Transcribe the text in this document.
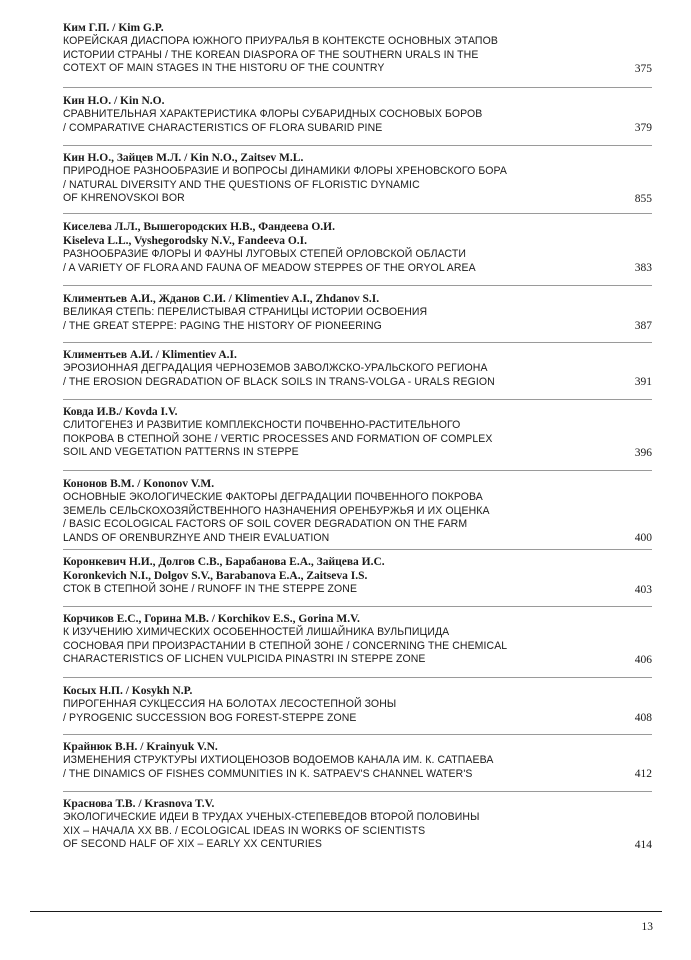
Ким Г.П. / Kim G.P.
КОРЕЙСКАЯ ДИАСПОРА ЮЖНОГО ПРИУРАЛЬЯ В КОНТЕКСТЕ ОСНОВНЫХ ЭТАПОВ
ИСТОРИИ СТРАНЫ / THE KOREAN DIASPORA OF THE SOUTHERN URALS IN THE
COTEXT OF MAIN STAGES IN THE HISTORU OF THE COUNTRY	375
Кин Н.О. / Kin N.O.
СРАВНИТЕЛЬНАЯ ХАРАКТЕРИСТИКА ФЛОРЫ СУБАРИДНЫХ СОСНОВЫХ БОРОВ
/ COMPARATIVE CHARACTERISTICS OF FLORA SUBARID PINE	379
Кин Н.О., Зайцев М.Л. / Kin N.O., Zaitsev M.L.
ПРИРОДНОЕ РАЗНООБРАЗИЕ И ВОПРОСЫ ДИНАМИКИ ФЛОРЫ ХРЕНОВСКОГО БОРА
/ NATURAL DIVERSITY AND THE QUESTIONS OF FLORISTIC DYNAMIC
OF KHRENOVSKOI BOR	855
Киселева Л.Л., Вышегородских Н.В., Фандеева О.И.
Kiseleva L.L., Vyshegorodsky N.V., Fandeeva O.I.
РАЗНООБРАЗИЕ ФЛОРЫ И ФАУНЫ ЛУГОВЫХ СТЕПЕЙ ОРЛОВСКОЙ ОБЛАСТИ
/ A VARIETY OF FLORA AND FAUNA OF MEADOW STEPPES OF THE ORYOL AREA	383
Климентьев А.И., Жданов С.И. / Klimentiev A.I., Zhdanov S.I.
ВЕЛИКАЯ СТЕПЬ: ПЕРЕЛИСТЫВАЯ СТРАНИЦЫ ИСТОРИИ ОСВОЕНИЯ
/ THE GREAT STEPPE: PAGING THE HISTORY OF PIONEERING	387
Климентьев А.И. / Klimentiev A.I.
ЭРОЗИОННАЯ ДЕГРАДАЦИЯ ЧЕРНОЗЕМОВ ЗАВОЛЖСКО-УРАЛЬСКОГО РЕГИОНА
/ THE EROSION DEGRADATION OF BLACK SOILS IN TRANS-VOLGA - URALS REGION	391
Ковда И.В./ Kovda I.V.
СЛИТОГЕНЕЗ И РАЗВИТИЕ КОМПЛЕКСНОСТИ ПОЧВЕННО-РАСТИТЕЛЬНОГО
ПОКРОВА В СТЕПНОЙ ЗОНЕ / VERTIC PROCESSES AND FORMATION OF COMPLEX
SOIL AND VEGETATION PATTERNS IN STEPPE	396
Кононов В.М. / Kononov V.M.
ОСНОВНЫЕ ЭКОЛОГИЧЕСКИЕ ФАКТОРЫ ДЕГРАДАЦИИ ПОЧВЕННОГО ПОКРОВА
ЗЕМЕЛЬ СЕЛЬСКОХОЗЯЙСТВЕННОГО НАЗНАЧЕНИЯ ОРЕНБУРЖЬЯ И ИХ ОЦЕНКА
/ BASIC ECOLOGICAL FACTORS OF SOIL COVER DEGRADATION ON THE FARM
LANDS OF ORENBURZHYE AND THEIR EVALUATION	400
Коронкевич Н.И., Долгов С.В., Барабанова Е.А., Зайцева И.С.
Koronkevich N.I., Dolgov S.V., Barabanova E.A., Zaitseva I.S.
СТОК В СТЕПНОЙ ЗОНЕ / RUNOFF IN THE STEPPE ZONE	403
Корчиков Е.С., Горина М.В. / Korchikov E.S., Gorina M.V.
К ИЗУЧЕНИЮ ХИМИЧЕСКИХ ОСОБЕННОСТЕЙ ЛИШАЙНИКА ВУЛЬПИЦИДА
СОСНОВАЯ ПРИ ПРОИЗРАСТАНИИ В СТЕПНОЙ ЗОНЕ / CONCERNING THE CHEMICAL
CHARACTERISTICS OF LICHEN VULPICIDA PINASTRI IN STEPPE ZONE	406
Косых Н.П. / Kosykh N.P.
ПИРОГЕННАЯ СУКЦЕССИЯ НА БОЛОТАХ ЛЕСОСТЕПНОЙ ЗОНЫ
/ PYROGENIC SUCCESSION BOG FOREST-STEPPE ZONE	408
Крайнюк В.Н. / Krainyuk V.N.
ИЗМЕНЕНИЯ СТРУКТУРЫ ИХТИОЦЕНОЗОВ ВОДОЕМОВ КАНАЛА ИМ. К. САТПАЕВА
/ THE DINAMICS OF FISHES COMMUNITIES IN K. SATPAEV'S CHANNEL WATER'S	412
Краснова Т.В. / Krasnova T.V.
ЭКОЛОГИЧЕСКИЕ ИДЕИ В ТРУДАХ УЧЕНЫХ-СТЕПЕВЕДОВ ВТОРОЙ ПОЛОВИНЫ
XIX – НАЧАЛА XX ВВ. / ECOLOGICAL IDEAS IN WORKS OF SCIENTISTS
OF SECOND HALF OF XIX – EARLY XX CENTURIES	414
13
